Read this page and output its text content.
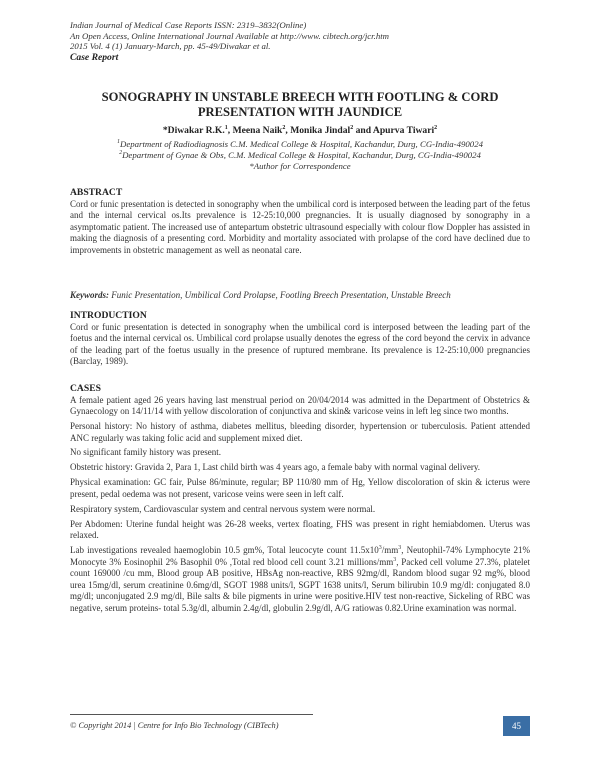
Indian Journal of Medical Case Reports ISSN: 2319–3832(Online)
An Open Access, Online International Journal Available at http://www. cibtech.org/jcr.htm
2015 Vol. 4 (1) January-March, pp. 45-49/Diwakar et al.
Case Report
SONOGRAPHY IN UNSTABLE BREECH WITH FOOTLING & CORD PRESENTATION WITH JAUNDICE
*Diwakar R.K.$^1$, Meena Naik$^2$, Monika Jindal$^2$ and Apurva Tiwari$^2$
$^1$Department of Radiodiagnosis C.M. Medical College & Hospital, Kachandur, Durg, CG-India-490024
$^2$Department of Gynae & Obs, C.M. Medical College & Hospital, Kachandur, Durg, CG-India-490024
*Author for Correspondence
ABSTRACT

Cord or funic presentation is detected in sonography when the umbilical cord is interposed between the leading part of the fetus and the internal cervical os.Its prevalence is 12-25:10,000 pregnancies. It is usually diagnosed by sonography in a asymptomatic patient. The increased use of antepartum obstetric ultrasound especially with colour flow Doppler has assisted in making the diagnosis of a presenting cord. Morbidity and mortality associated with prolapse of the cord have declined due to improvements in obstetric management as well as neonatal care.

Keywords: Funic Presentation, Umbilical Cord Prolapse, Footling Breech Presentation, Unstable Breech
INTRODUCTION

Cord or funic presentation is detected in sonography when the umbilical cord is interposed between the leading part of the foetus and the internal cervical os. Umbilical cord prolapse usually denotes the egress of the cord beyond the cervix in advance of the leading part of the foetus usually in the presence of ruptured membrane. Its prevalence is 12-25:10,000 pregnancies (Barclay, 1989).

CASES

A female patient aged 26 years having last menstrual period on 20/04/2014 was admitted in the Department of Obstetrics & Gynaecology on 14/11/14 with yellow discoloration of conjunctiva and skin& varicose veins in left leg since two months.

Personal history: No history of asthma, diabetes mellitus, bleeding disorder, hypertension or tuberculosis. Patient attended ANC regularly was taking folic acid and supplement mixed diet.

No significant family history was present.

Obstetric history: Gravida 2, Para 1, Last child birth was 4 years ago, a female baby with normal vaginal delivery.

Physical examination: GC fair, Pulse 86/minute, regular; BP 110/80 mm of Hg, Yellow discoloration of skin & icterus were present, pedal oedema was not present, varicose veins were seen in left calf.

Respiratory system, Cardiovascular system and central nervous system were normal.

Per Abdomen: Uterine fundal height was 26-28 weeks, vertex floating, FHS was present in right hemiabdomen. Uterus was relaxed.

Lab investigations revealed haemoglobin 10.5 gm%, Total leucocyte count $11.5x10^3/mm^3$, Neutophil-74% Lymphocyte 21% Monocyte 3% Eosinophil 2% Basophil 0% ,Total red blood cell count 3.21 millions/$mm^3$, Packed cell volume 27.3%, platelet count 169000 /cu mm, Blood group AB positive, HBsAg non-reactive, RBS 92mg/dl, Random blood sugar 92 mg%, blood urea 15mg/dl, serum creatinine 0.6mg/dl, SGOT 1988 units/l, SGPT 1638 units/l, Serum bilirubin 10.9 mg/dl: conjugated 8.0 mg/dl; unconjugated 2.9 mg/dl, Bile salts & bile pigments in urine were positive.HIV test non-reactive, Sickeling of RBC was negative, serum proteins- total 5.3g/dl, albumin 2.4g/dl, globulin 2.9g/dl, A/G ratiowas 0.82.Urine examination was normal.

© Copyright 2014 | Centre for Info Bio Technology (CIBTech)	45
